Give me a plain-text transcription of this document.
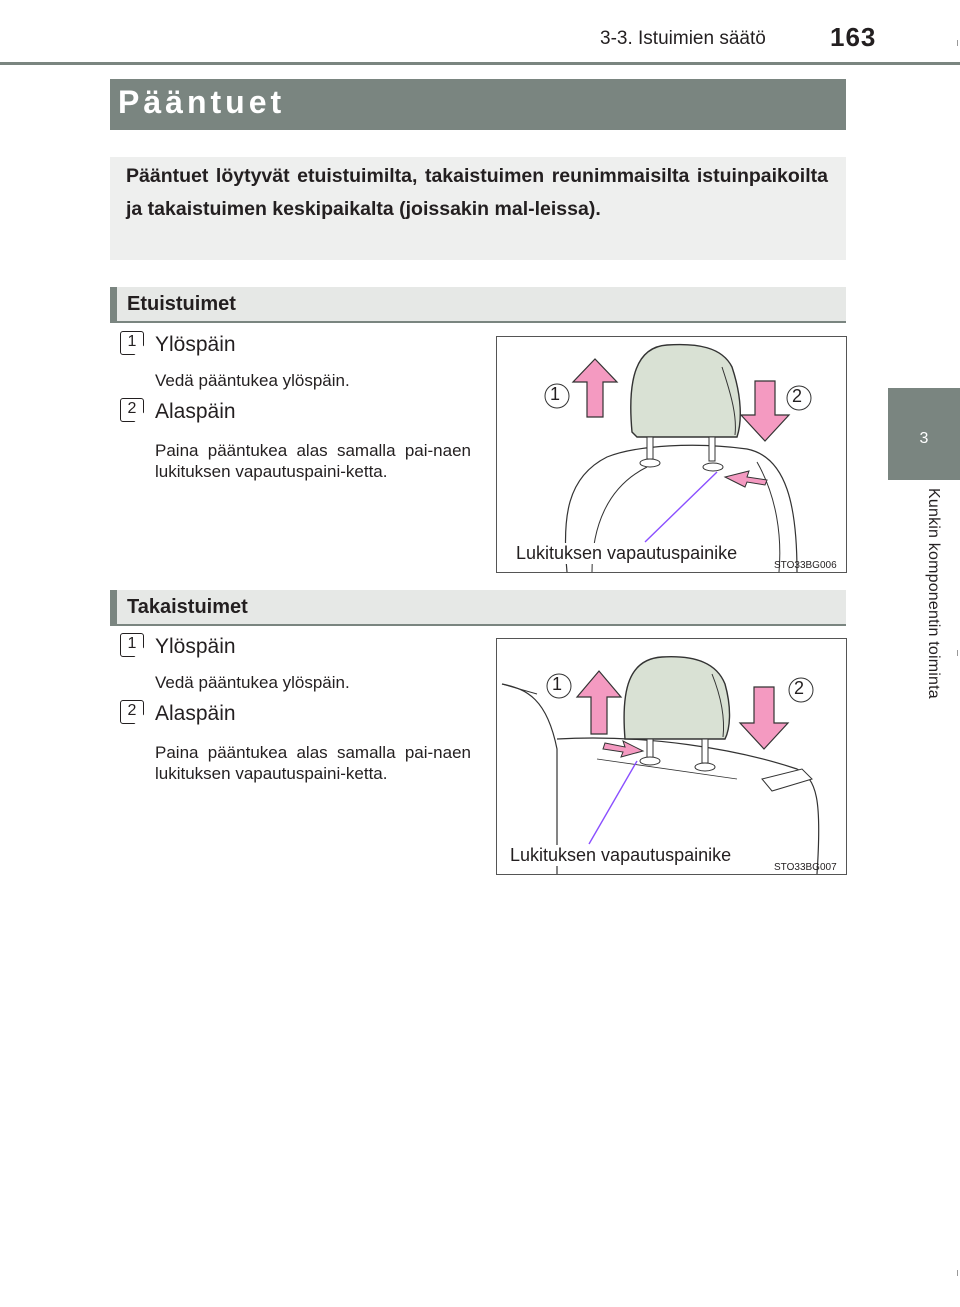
3-3. Istuimien säätö 163
3
Kunkin komponentin toiminta
Pääntuet
Pääntuet löytyvät etuistuimilta, takaistuimen reunimmaisilta istuinpaikoilta ja takaistuimen keskipaikalta (joissakin mal-leissa).
Etuistuimet
1 Ylöspäin
Vedä pääntukea ylöspäin.
2 Alaspäin
Paina pääntukea alas samalla pai-naen lukituksen vapautuspaini-ketta.
1	2
Lukituksen vapautuspainike
STO33BG006
Takaistuimet
1 Ylöspäin
Vedä pääntukea ylöspäin.
2 Alaspäin
Paina pääntukea alas samalla pai-naen lukituksen vapautuspaini-ketta.
1	2
Lukituksen vapautuspainike
STO33BG007
